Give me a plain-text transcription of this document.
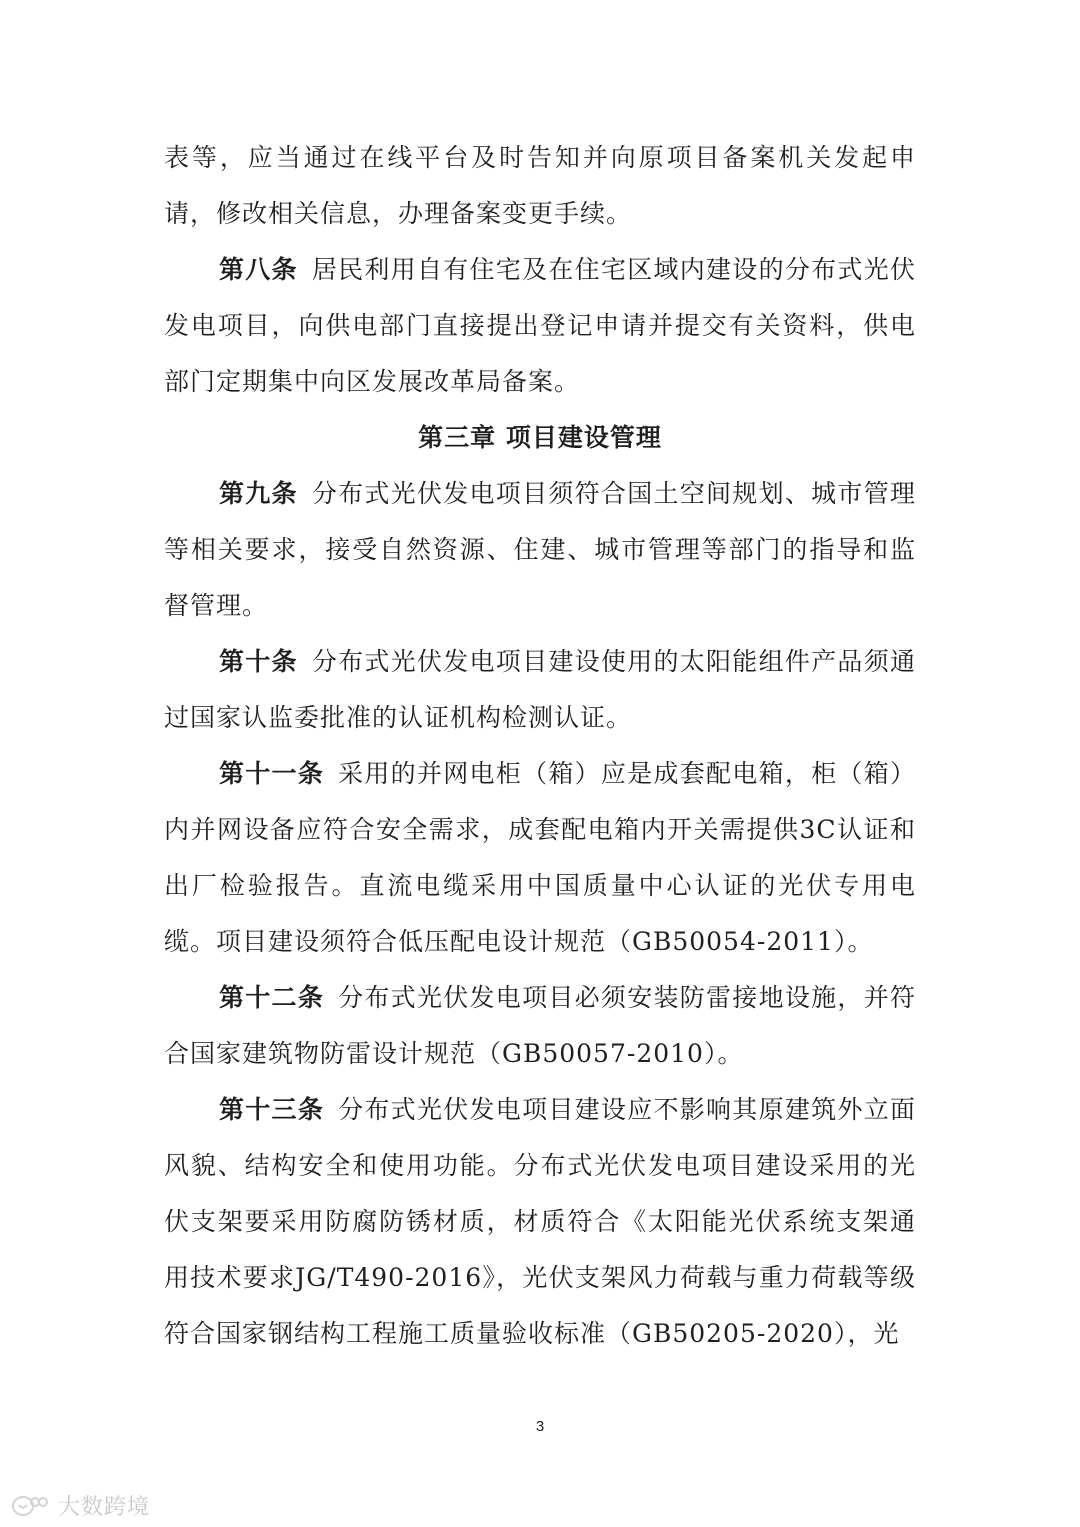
表等，应当通过在线平台及时告知并向原项目备案机关发起申请，修改相关信息，办理备案变更手续。

第八条 居民利用自有住宅及在住宅区域内建设的分布式光伏发电项目，向供电部门直接提出登记申请并提交有关资料，供电部门定期集中向区发展改革局备案。

第三章 项目建设管理

第九条 分布式光伏发电项目须符合国土空间规划、城市管理等相关要求，接受自然资源、住建、城市管理等部门的指导和监督管理。

第十条 分布式光伏发电项目建设使用的太阳能组件产品须通过国家认监委批准的认证机构检测认证。

第十一条 采用的并网电柜（箱）应是成套配电箱，柜（箱）内并网设备应符合安全需求，成套配电箱内开关需提供3C认证和出厂检验报告。直流电缆采用中国质量中心认证的光伏专用电缆。项目建设须符合低压配电设计规范（GB50054-2011）。

第十二条 分布式光伏发电项目必须安装防雷接地设施，并符合国家建筑物防雷设计规范（GB50057-2010）。

第十三条 分布式光伏发电项目建设应不影响其原建筑外立面风貌、结构安全和使用功能。分布式光伏发电项目建设采用的光伏支架要采用防腐防锈材质，材质符合《太阳能光伏系统支架通用技术要求JG/T490-2016》，光伏支架风力荷载与重力荷载等级符合国家钢结构工程施工质量验收标准（GB50205-2020），光

3
大数跨境
